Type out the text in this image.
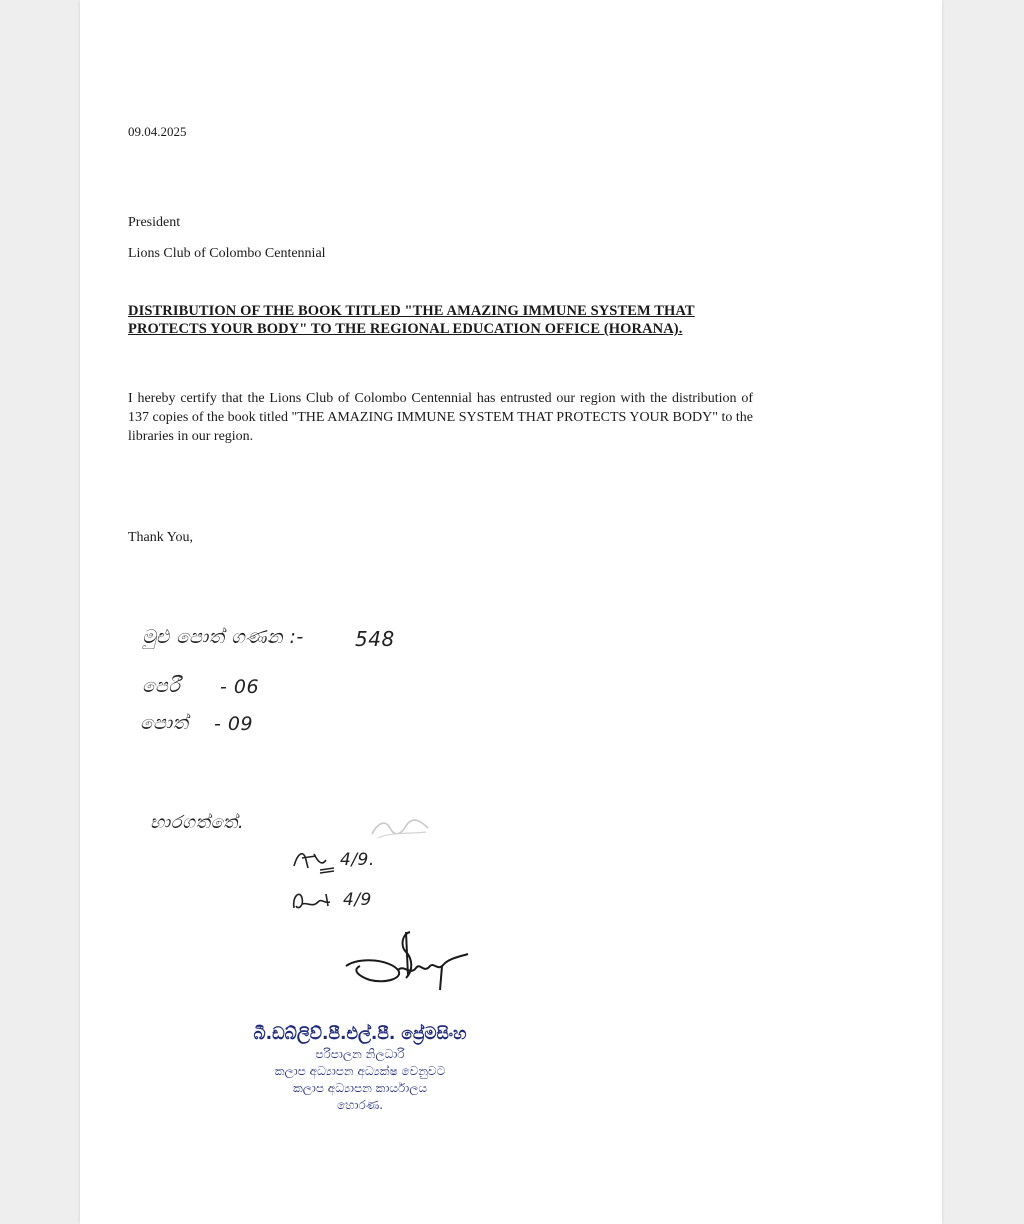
09.04.2025

President

Lions Club of Colombo Centennial

DISTRIBUTION OF THE BOOK TITLED "THE AMAZING IMMUNE SYSTEM THAT PROTECTS YOUR BODY" TO THE REGIONAL EDUCATION OFFICE (HORANA).

I hereby certify that the Lions Club of Colombo Centennial has entrusted our region with the distribution of 137 copies of the book titled "THE AMAZING IMMUNE SYSTEM THAT PROTECTS YOUR BODY" to the libraries in our region.

Thank You,

මුළු පොත් ගණන :-	548

පෙරී - 06

පොත් - 09

භාරගත්තේ.

4/9.

4/9

බී.ඩබ්ලිව්.පී.එල්.පී. ප්‍රේමසිංහ

පරිපාලන නිලධාරි

කලාප අධ්‍යාපන අධ්‍යක්ෂ වෙනුවට

කලාප අධ්‍යාපන කාර්යාලය

හොරණ.
